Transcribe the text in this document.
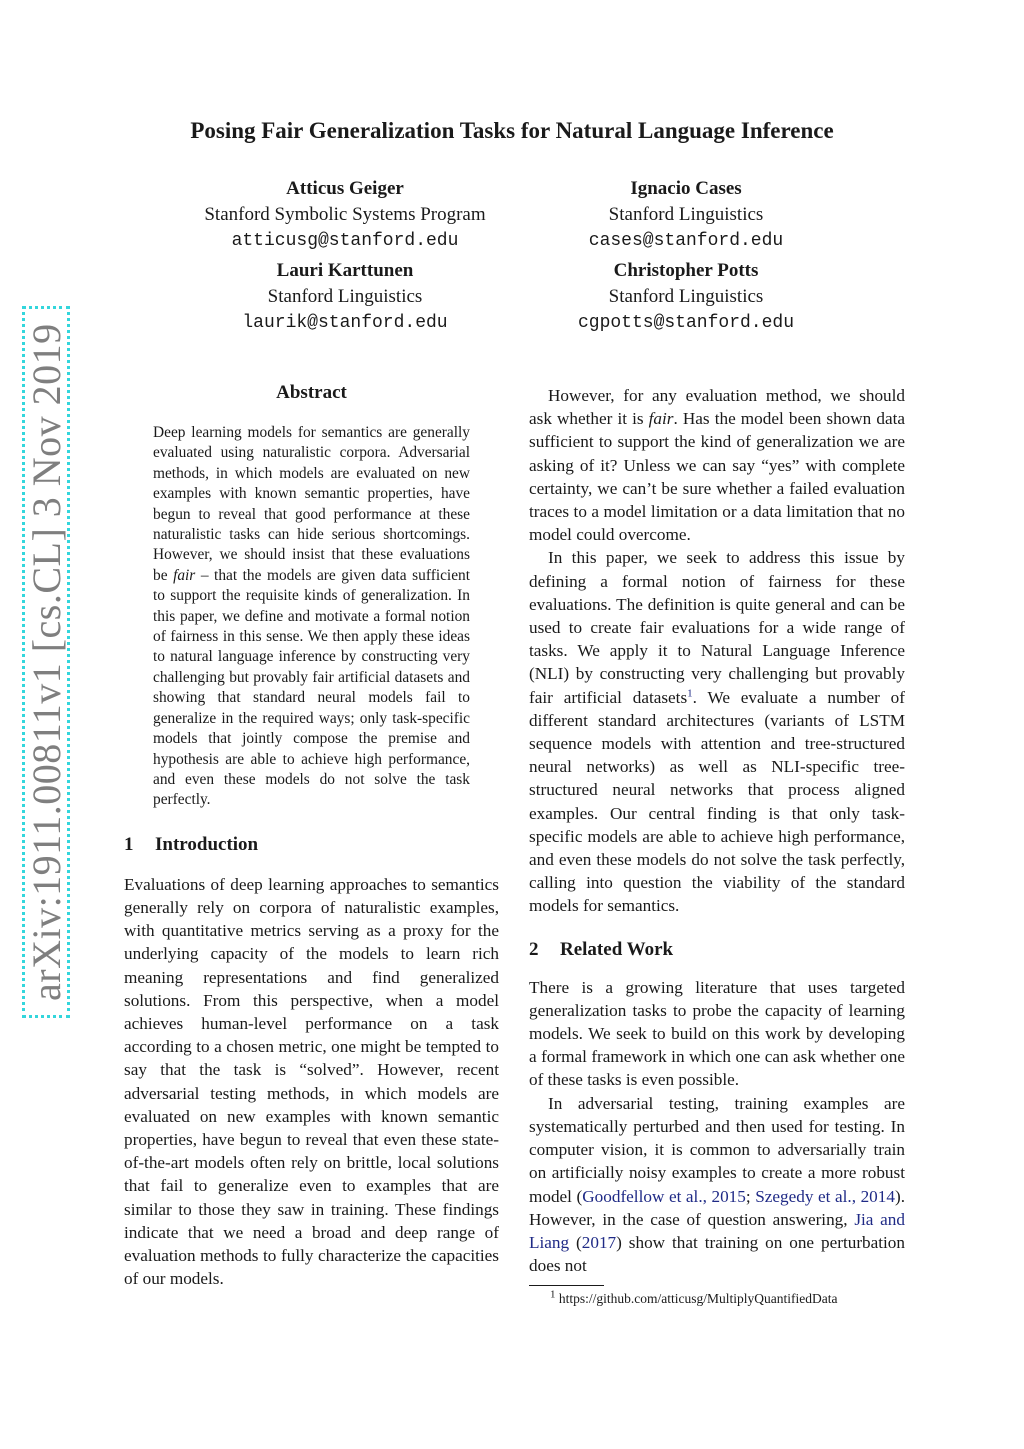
Posing Fair Generalization Tasks for Natural Language Inference
Atticus Geiger
Stanford Symbolic Systems Program
atticusg@stanford.edu
Ignacio Cases
Stanford Linguistics
cases@stanford.edu
Lauri Karttunen
Stanford Linguistics
laurik@stanford.edu
Christopher Potts
Stanford Linguistics
cgpotts@stanford.edu
arXiv:1911.00811v1 [cs.CL] 3 Nov 2019	Abstract

Deep learning models for semantics are generally evaluated using naturalistic corpora. Adversarial methods, in which models are evaluated on new examples with known semantic properties, have begun to reveal that good performance at these naturalistic tasks can hide serious shortcomings. However, we should insist that these evaluations be fair – that the models are given data sufficient to support the requisite kinds of generalization. In this paper, we define and motivate a formal notion of fairness in this sense. We then apply these ideas to natural language inference by constructing very challenging but provably fair artificial datasets and showing that standard neural models fail to generalize in the required ways; only task-specific models that jointly compose the premise and hypothesis are able to achieve high performance, and even these models do not solve the task perfectly.

1 Introduction

Evaluations of deep learning approaches to semantics generally rely on corpora of naturalistic examples, with quantitative metrics serving as a proxy for the underlying capacity of the models to learn rich meaning representations and find generalized solutions. From this perspective, when a model achieves human-level performance on a task according to a chosen metric, one might be tempted to say that the task is “solved”. However, recent adversarial testing methods, in which models are evaluated on new examples with known semantic properties, have begun to reveal that even these state-of-the-art models often rely on brittle, local solutions that fail to generalize even to examples that are similar to those they saw in training. These findings indicate that we need a broad and deep range of evaluation methods to fully characterize the capacities of our models.

However, for any evaluation method, we should ask whether it is fair. Has the model been shown data sufficient to support the kind of generalization we are asking of it? Unless we can say “yes” with complete certainty, we can’t be sure whether a failed evaluation traces to a model limitation or a data limitation that no model could overcome.

In this paper, we seek to address this issue by defining a formal notion of fairness for these evaluations. The definition is quite general and can be used to create fair evaluations for a wide range of tasks. We apply it to Natural Language Inference (NLI) by constructing very challenging but provably fair artificial datasets$^1$. We evaluate a number of different standard architectures (variants of LSTM sequence models with attention and tree-structured neural networks) as well as NLI-specific tree-structured neural networks that process aligned examples. Our central finding is that only task-specific models are able to achieve high performance, and even these models do not solve the task perfectly, calling into question the viability of the standard models for semantics.

2 Related Work

There is a growing literature that uses targeted generalization tasks to probe the capacity of learning models. We seek to build on this work by developing a formal framework in which one can ask whether one of these tasks is even possible.

In adversarial testing, training examples are systematically perturbed and then used for testing. In computer vision, it is common to adversarially train on artificially noisy examples to create a more robust model (Goodfellow et al., 2015; Szegedy et al., 2014). However, in the case of question answering, Jia and Liang (2017) show that training on one perturbation does not

$^1$ https://github.com/atticusg/MultiplyQuantifiedData
